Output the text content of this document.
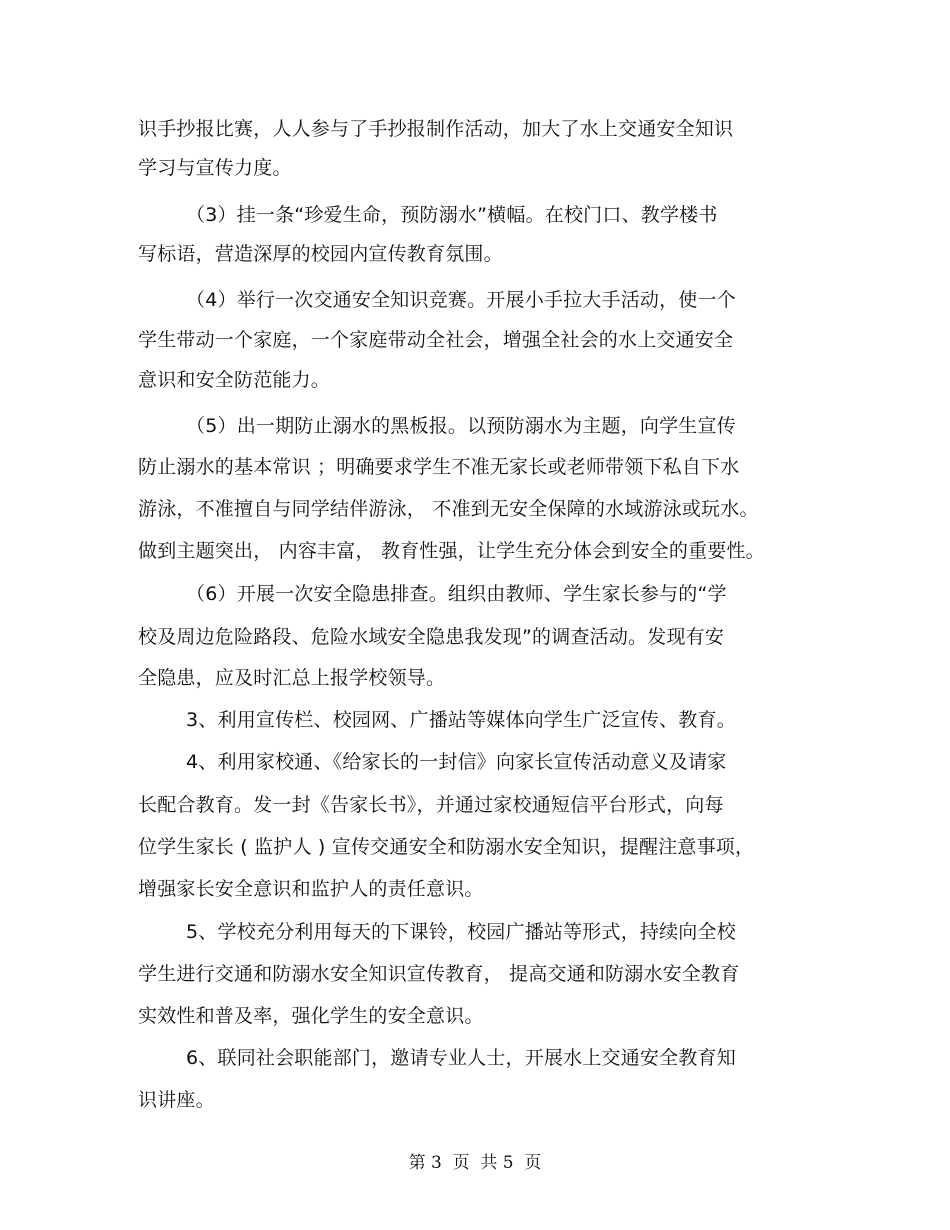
识手抄报比赛，人人参与了手抄报制作活动，加大了水上交通安全知识
学习与宣传力度。
（3）挂一条“珍爱生命，预防溺水”横幅。在校门口、教学楼书
写标语，营造深厚的校园内宣传教育氛围。
（4）举行一次交通安全知识竞赛。开展小手拉大手活动，使一个
学生带动一个家庭，一个家庭带动全社会，增强全社会的水上交通安全
意识和安全防范能力。
（5）出一期防止溺水的黑板报。以预防溺水为主题，向学生宣传
防止溺水的基本常识 ；明确要求学生不准无家长或老师带领下私自下水
游泳，不准擅自与同学结伴游泳， 不准到无安全保障的水域游泳或玩水。
做到主题突出， 内容丰富， 教育性强，让学生充分体会到安全的重要性。
（6）开展一次安全隐患排查。组织由教师、学生家长参与的“学
校及周边危险路段、危险水域安全隐患我发现”的调查活动。发现有安
全隐患，应及时汇总上报学校领导。
3、利用宣传栏、校园网、广播站等媒体向学生广泛宣传、教育。
4、利用家校通、《给家长的一封信》向家长宣传活动意义及请家
长配合教育。发一封《告家长书》，并通过家校通短信平台形式，向每
位学生家长 ( 监护人 ) 宣传交通安全和防溺水安全知识，提醒注意事项，
增强家长安全意识和监护人的责任意识。
5、学校充分利用每天的下课铃，校园广播站等形式，持续向全校
学生进行交通和防溺水安全知识宣传教育， 提高交通和防溺水安全教育
实效性和普及率，强化学生的安全意识。
6、联同社会职能部门，邀请专业人士，开展水上交通安全教育知
识讲座。
第 3  页  共 5  页
